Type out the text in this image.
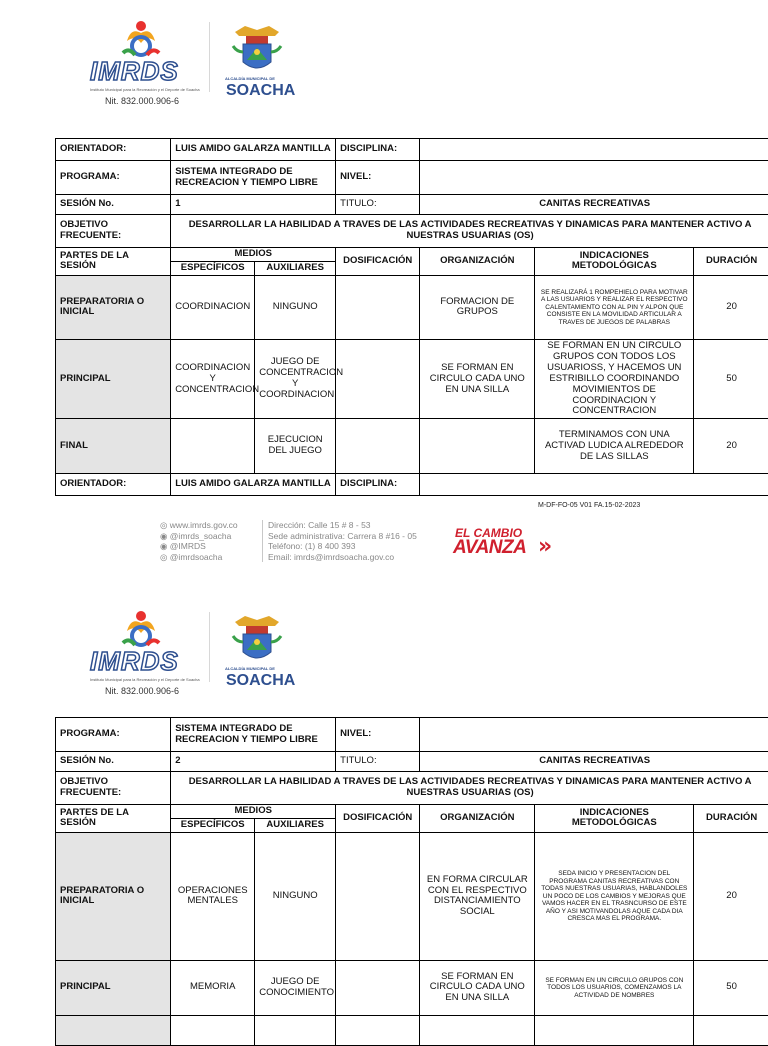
IMRDS
Instituto Municipal para la Recreación y el Deporte de Soacha
Nit. 832.000.906-6
ALCALDÍA MUNICIPAL DE
SOACHA
ORIENTADOR:	LUIS AMIDO GALARZA MANTILLA		DISCIPLINA:			
PROGRAMA:	SISTEMA INTEGRADO DE RECREACION Y TIEMPO LIBRE		NIVEL:			
SESIÓN No.	1		TITULO:	CANITAS RECREATIVAS		
OBJETIVO FRECUENTE:	DESARROLLAR LA HABILIDAD A TRAVES DE LAS ACTIVIDADES RECREATIVAS Y DINAMICAS PARA MANTENER ACTIVO A NUESTRAS USUARIAS (OS)					
PARTES DE LA SESIÓN	MEDIOS		DOSIFICACIÓN	ORGANIZACIÓN	INDICACIONES METODOLÓGICAS	DURACIÓN
	ESPECÍFICOS	AUXILIARES				
PREPARATORIA O INICIAL	COORDINACION	NINGUNO		FORMACION DE GRUPOS	SE REALIZARÁ 1 ROMPEHIELO PARA MOTIVAR A LAS USUARIOS Y REALIZAR EL RESPECTIVO CALENTAMIENTO CON AL PIN Y ALPON QUE CONSISTE EN LA MOVILIDAD ARTICULAR A TRAVES DE JUEGOS DE PALABRAS	20
PRINCIPAL	COORDINACION Y CONCENTRACION	JUEGO DE CONCENTRACION Y COORDINACION		SE FORMAN EN CIRCULO CADA UNO EN UNA SILLA	SE FORMAN EN UN CIRCULO GRUPOS CON TODOS LOS USUARIOSS, Y HACEMOS UN ESTRIBILLO COORDINANDO MOVIMIENTOS DE COORDINACION Y CONCENTRACION	50
FINAL		EJECUCION DEL JUEGO			TERMINAMOS CON UNA ACTIVAD LUDICA ALREDEDOR DE LAS SILLAS	20
ORIENTADOR:	LUIS AMIDO GALARZA MANTILLA		DISCIPLINA:			
M-DF-FO-05 V01 FA.15-02-2023
◎ www.imrds.gov.co
◉ @imrds_soacha
◉ @IMRDS
◎ @imrdsoacha
Dirección: Calle 15 # 8 - 53
Sede administrativa: Carrera 8 #16 - 05
Teléfono: (1) 8 400 393
Email: imrds@imrdsoacha.gov.co
EL CAMBIO
AVANZA »
IMRDS
Instituto Municipal para la Recreación y el Deporte de Soacha
Nit. 832.000.906-6
ALCALDÍA MUNICIPAL DE
SOACHA
PROGRAMA:	SISTEMA INTEGRADO DE RECREACION Y TIEMPO LIBRE		NIVEL:			
SESIÓN No.	2		TITULO:	CANITAS RECREATIVAS		
OBJETIVO FRECUENTE:	DESARROLLAR LA HABILIDAD A TRAVES DE LAS ACTIVIDADES RECREATIVAS Y DINAMICAS PARA MANTENER ACTIVO A NUESTRAS USUARIAS (OS)					
PARTES DE LA SESIÓN	MEDIOS		DOSIFICACIÓN	ORGANIZACIÓN	INDICACIONES METODOLÓGICAS	DURACIÓN
	ESPECÍFICOS	AUXILIARES				
PREPARATORIA O INICIAL	OPERACIONES MENTALES	NINGUNO		EN FORMA CIRCULAR CON EL RESPECTIVO DISTANCIAMIENTO SOCIAL	SEDA INICIO Y PRESENTACION DEL PROGRAMA CANITAS RECREATIVAS CON TODAS NUESTRAS USUARIAS, HABLANDOLES UN POCO DE LOS CAMBIOS Y MEJORAS QUE VAMOS HACER EN EL TRASNCURSO DE ESTE AÑO Y ASI MOTIVANDOLAS AQUE CADA DIA CRESCA MAS EL PROGRAMA.	20
PRINCIPAL	MEMORIA	JUEGO DE CONOCIMIENTO		SE FORMAN EN CIRCULO CADA UNO EN UNA SILLA	SE FORMAN EN UN CIRCULO GRUPOS CON TODOS LOS USUARIOS, COMENZAMOS LA ACTIVIDAD DE NOMBRES	50
